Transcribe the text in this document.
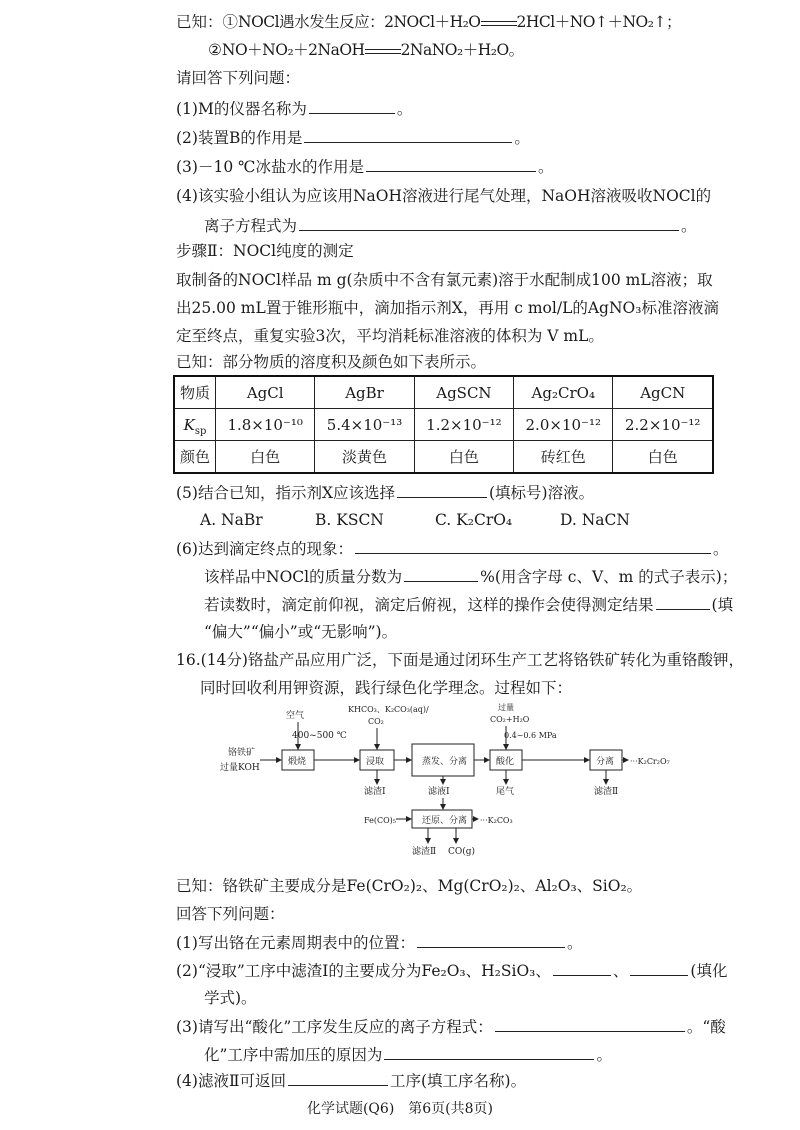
已知：①NOCl遇水发生反应：2NOCl＋H₂O 2HCl＋NO↑＋NO₂↑；
②NO＋NO₂＋2NaOH 2NaNO₂＋H₂O。
请回答下列问题：
(1)M的仪器名称为	。
(2)装置B的作用是	。
(3)－10 ℃冰盐水的作用是	。
(4)该实验小组认为应该用NaOH溶液进行尾气处理，NaOH溶液吸收NOCl的
离子方程式为	。
步骤Ⅱ：NOCl纯度的测定
取制备的NOCl样品 m g(杂质中不含有氯元素)溶于水配制成100 mL溶液；取
出25.00 mL置于锥形瓶中，滴加指示剂X，再用 c mol/L的AgNO₃标准溶液滴
定至终点，重复实验3次，平均消耗标准溶液的体积为 V mL。
已知：部分物质的溶度积及颜色如下表所示。
物质	AgCl	AgBr	AgSCN	Ag₂CrO₄	AgCN
$K_{sp}$	1.8×10⁻¹⁰	5.4×10⁻¹³	1.2×10⁻¹²	2.0×10⁻¹²	2.2×10⁻¹²
颜色	白色	淡黄色	白色	砖红色	白色
(5)结合已知，指示剂X应该选择	(填标号)溶液。
A. NaBr	B. KSCN	C. K₂CrO₄	D. NaCN
(6)达到滴定终点的现象：	。
该样品中NOCl的质量分数为	%(用含字母 c、V、m 的式子表示)；
若读数时，滴定前仰视，滴定后俯视，这样的操作会使得测定结果	(填
“偏大”“偏小”或“无影响”)。
16.(14分)铬盐产品应用广泛，下面是通过闭环生产工艺将铬铁矿转化为重铬酸钾，
同时回收利用钾资源，践行绿色化学理念。过程如下：
空气
400~500 ℃
KHCO₃、K₂CO₃(aq)/
CO₂
过量
CO₂+H₂O
0.4~0.6 MPa
铬铁矿
过量KOH
煅烧	浸取	蒸发、分离	酸化	分离 ···K₂Cr₂O₇
还原、分离 ···K₂CO₃
滤渣Ⅰ	滤液Ⅰ	尾气	滤渣Ⅱ
Fe(CO)₅
滤渣Ⅱ CO(g)
已知：铬铁矿主要成分是Fe(CrO₂)₂、Mg(CrO₂)₂、Al₂O₃、SiO₂。
回答下列问题：
(1)写出铬在元素周期表中的位置：	。
(2)“浸取”工序中滤渣Ⅰ的主要成分为Fe₂O₃、H₂SiO₃、	、	(填化
学式)。
(3)请写出“酸化”工序发生反应的离子方程式：	。“酸
化”工序中需加压的原因为	。
(4)滤液Ⅱ可返回	工序(填工序名称)。
化学试题(Q6)　第6页(共8页)
